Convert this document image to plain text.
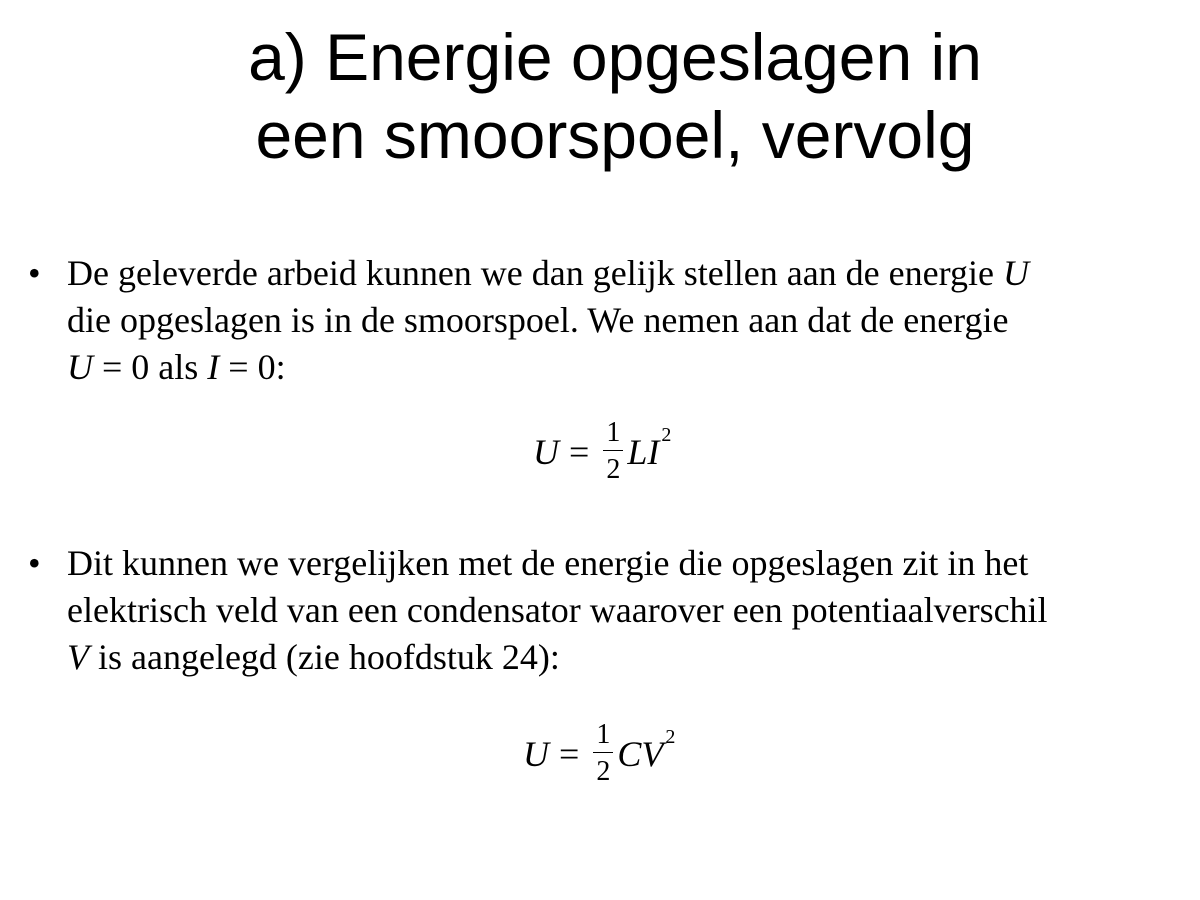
a) Energie opgeslagen in
een smoorspoel, vervolg
• De geleverde arbeid kunnen we dan gelijk stellen aan de energie U
die opgeslagen is in de smoorspoel. We nemen aan dat de energie
U = 0 als I = 0:
$U = \frac{1}{2}$ LI 2
• Dit kunnen we vergelijken met de energie die opgeslagen zit in het
elektrisch veld van een condensator waarover een potentiaalverschil
V is aangelegd (zie hoofdstuk 24):
$U = \frac{1}{2}$ CV 2
